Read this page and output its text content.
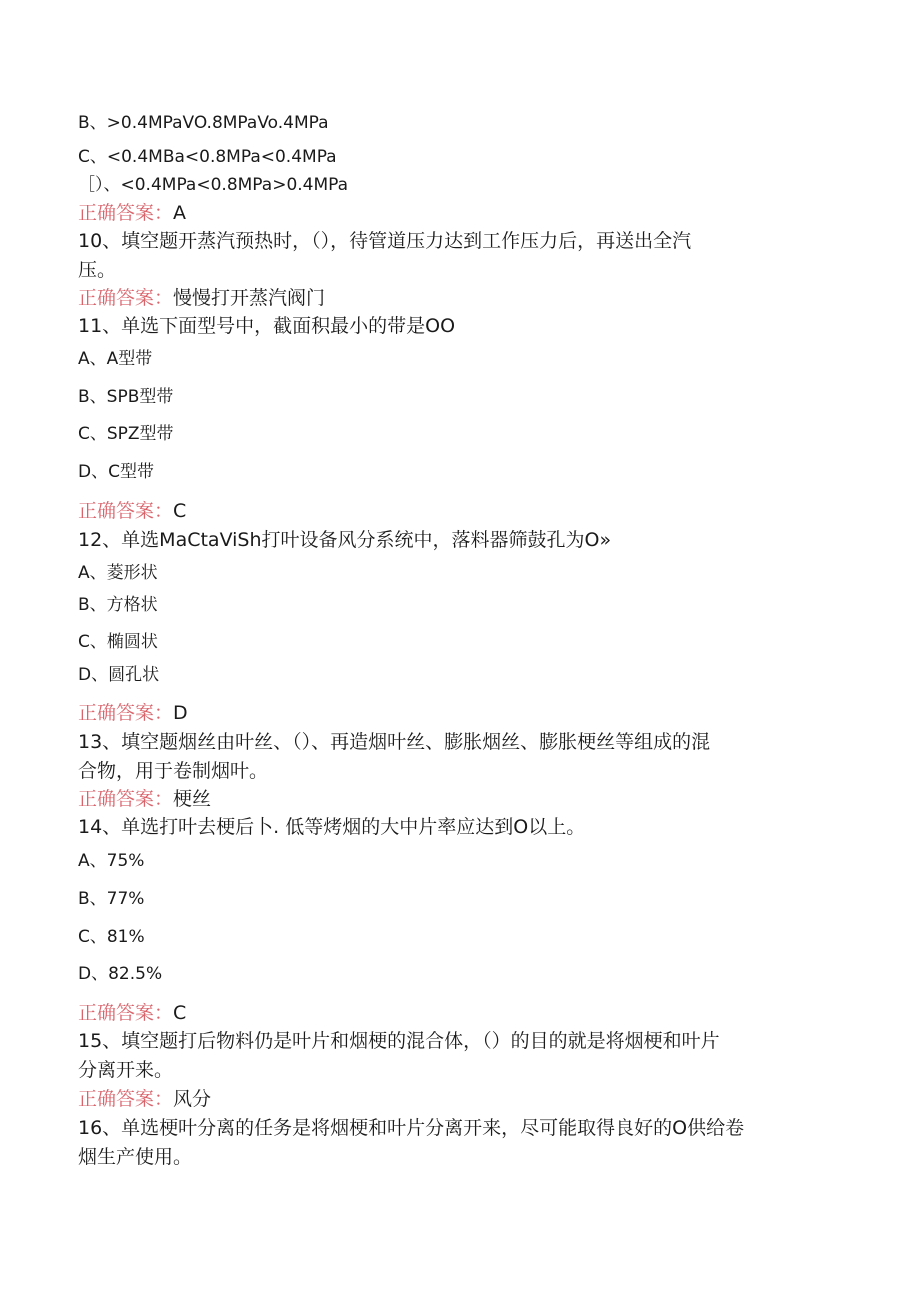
B、>0.4MPaVO.8MPaVo.4MPa
C、<0.4MBa<0.8MPa<0.4MPa
［）、<0.4MPa<0.8MPa>0.4MPa
正确答案：A
10、填空题开蒸汽预热时，（），待管道压力达到工作压力后，再送出全汽
压。
正确答案：慢慢打开蒸汽阀门
11、单选下面型号中，截面积最小的带是OO
A、A型带
B、SPB型带
C、SPZ型带
D、C型带
正确答案：C
12、单选MaCtaViSh打叶设备风分系统中，落料器筛鼓孔为O»
A、菱形状
B、方格状
C、椭圆状
D、圆孔状
正确答案：D
13、填空题烟丝由叶丝、（）、再造烟叶丝、膨胀烟丝、膨胀梗丝等组成的混
合物，用于卷制烟叶。
正确答案：梗丝
14、单选打叶去梗后卜. 低等烤烟的大中片率应达到O以上。
A、75%
B、77%
C、81%
D、82.5%
正确答案：C
15、填空题打后物料仍是叶片和烟梗的混合体，（）的目的就是将烟梗和叶片
分离开来。
正确答案：风分
16、单选梗叶分离的任务是将烟梗和叶片分离开来，尽可能取得良好的O供给卷
烟生产使用。
